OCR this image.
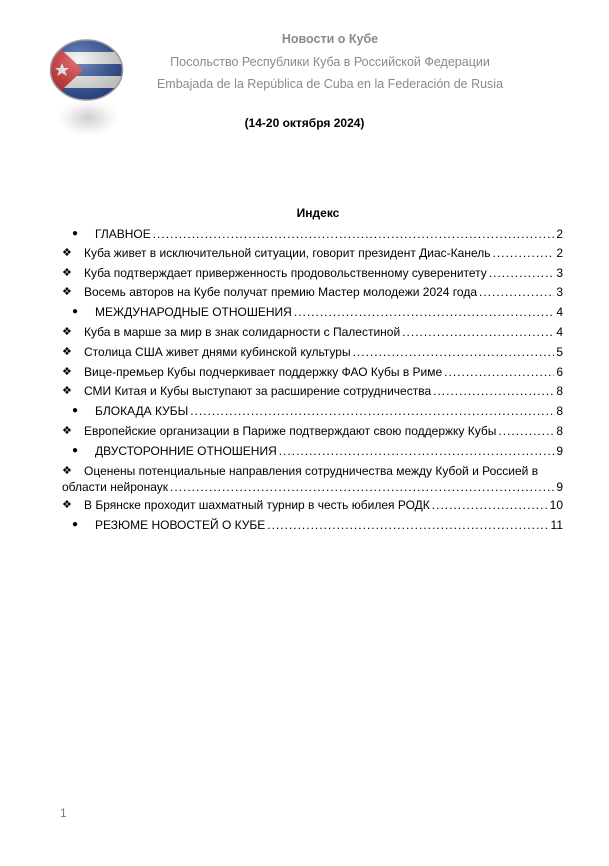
Новости о Кубе
Посольство Республики Куба в Российской Федерации
Embajada de la República de Cuba en la Federación de Rusia
(14-20 октября 2024)
Индекс
● ГЛАВНОЕ .....	2
❖ Куба живет в исключительной ситуации, говорит президент Диас-Канель .....	2
❖ Куба подтверждает приверженность продовольственному суверенитету .....	3
❖ Восемь авторов на Кубе получат премию Мастер молодежи 2024 года .....	3
● МЕЖДУНАРОДНЫЕ ОТНОШЕНИЯ .....	4
❖ Куба в марше за мир в знак солидарности с Палестиной .....	4
❖ Столица США живет днями кубинской культуры .....	5
❖ Вице-премьер Кубы подчеркивает поддержку ФАО Кубы в Риме .....	6
❖ СМИ Китая и Кубы выступают за расширение сотрудничества .....	8
● БЛОКАДА КУБЫ .....	8
❖ Европейские организации в Париже подтверждают свою поддержку Кубы .....	8
● ДВУСТОРОННИЕ ОТНОШЕНИЯ .....	9
❖ Оценены потенциальные направления сотрудничества между Кубой и Россией в
области нейронаук .....	9
❖ В Брянске проходит шахматный турнир в честь юбилея РОДК .....	10
● РЕЗЮМЕ НОВОСТЕЙ О КУБЕ .....	11
1
